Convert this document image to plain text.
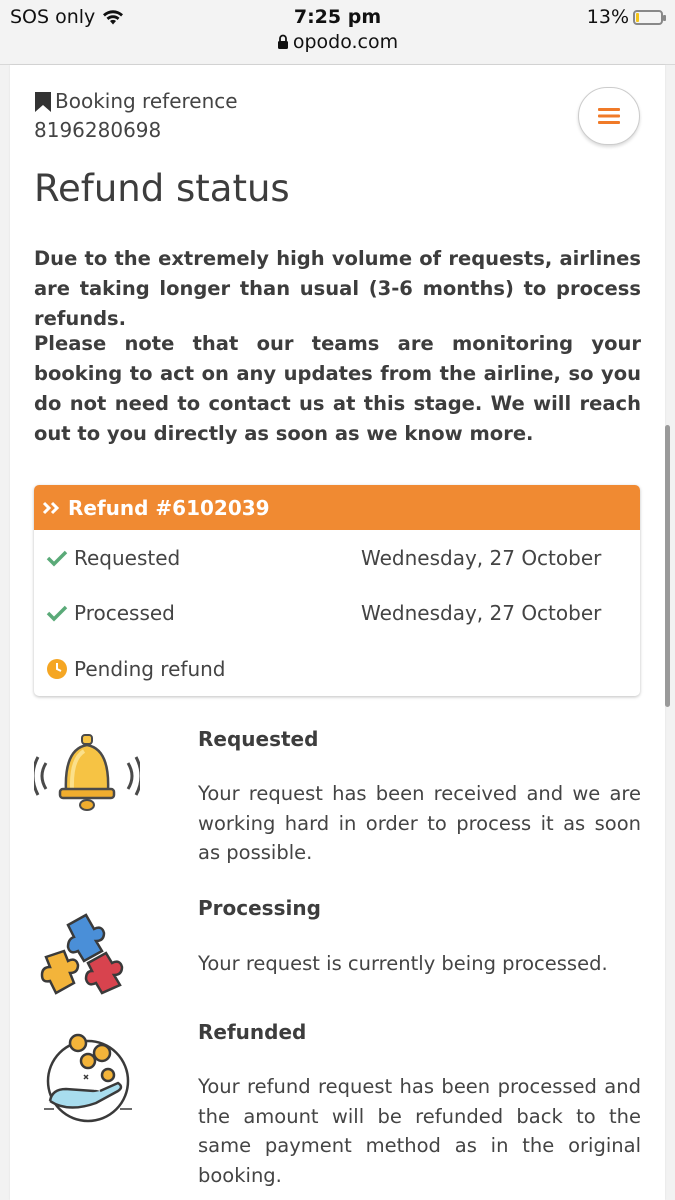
SOS only	7:25 pm
opodo.com
13%
Booking reference
8196280698
Refund status

Due to the extremely high volume of requests, airlines are taking longer than usual (3-6 months) to process refunds.

Please note that our teams are monitoring your booking to act on any updates from the airline, so you do not need to contact us at this stage. We will reach out to you directly as soon as we know more.

Refund #6102039
Requested	Wednesday, 27 October
Processed	Wednesday, 27 October
Pending refund
Requested

Your request has been received and we are working hard in order to process it as soon as possible.

Processing

Your request is currently being processed.

Refunded

Your refund request has been processed and the amount will be refunded back to the same payment method as in the original booking.
